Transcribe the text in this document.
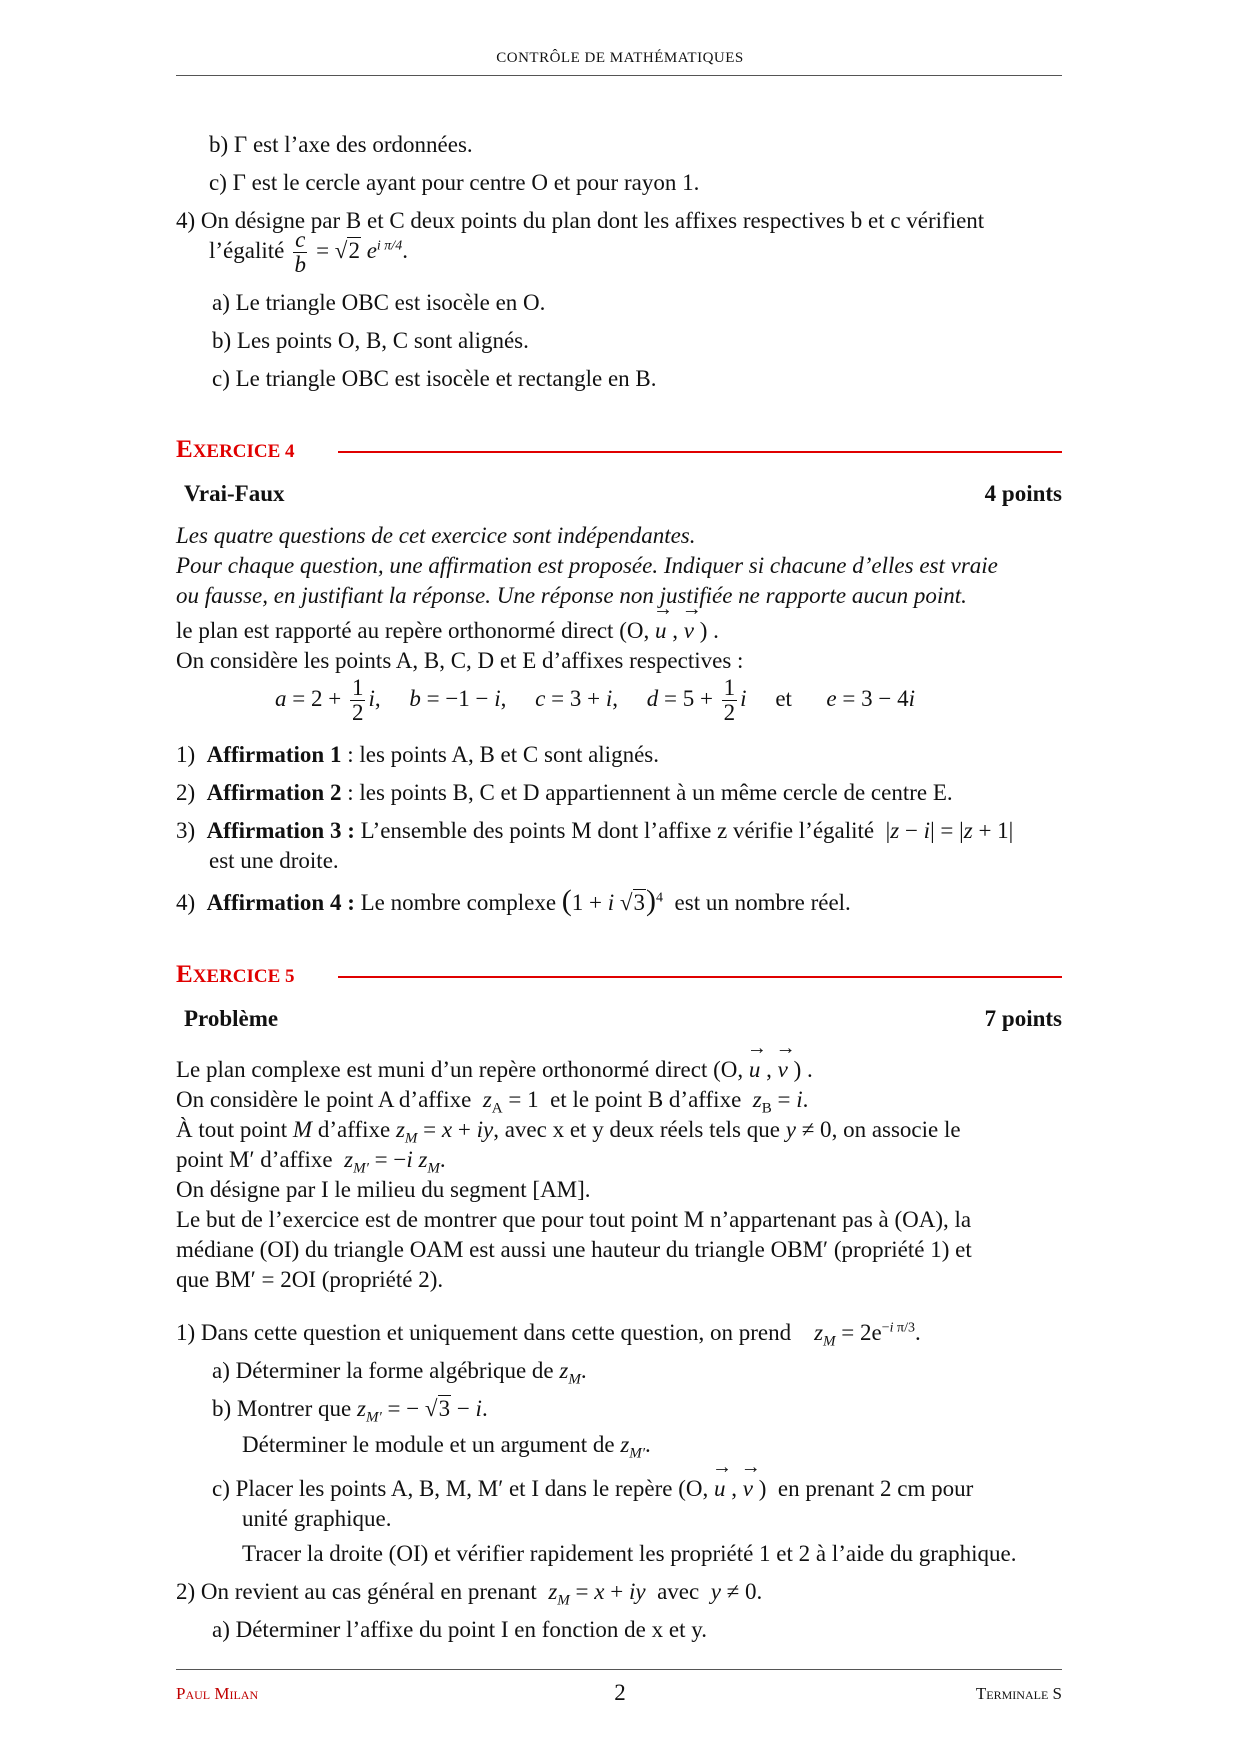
CONTRÔLE DE MATHÉMATIQUES
b) Γ est l’axe des ordonnées.
c) Γ est le cercle ayant pour centre O et pour rayon 1.
4) On désigne par B et C deux points du plan dont les affixes respectives b et c vérifient
l’égalité $\frac{c}{b} = √2$ $e^{i \pi/4}$.
a) Le triangle OBC est isocèle en O.
b) Les points O, B, C sont alignés.
c) Le triangle OBC est isocèle et rectangle en B.
EXERCICE 4
Vrai-Faux	4 points
Les quatre questions de cet exercice sont indépendantes.
Pour chaque question, une affirmation est proposée. Indiquer si chacune d’elles est vraie
ou fausse, en justifiant la réponse. Une réponse non justifiée ne rapporte aucun point.
le plan est rapporté au repère orthonormé direct (O, → u , → v ) .
On considère les points A, B, C, D et E d’affixes respectives :
$a = 2 + \frac{1}{2} i$,     b = −1 − i,     c = 3 + i,     $d = 5 + \frac{1}{2}$ i     et      e = 3 − 4i
1)  Affirmation 1 : les points A, B et C sont alignés.
2)  Affirmation 2 : les points B, C et D appartiennent à un même cercle de centre E.
3)  Affirmation 3 : L’ensemble des points M dont l’affixe z vérifie l’égalité  |z − i| = |z + 1|
est une droite.
4)  Affirmation 4 : Le nombre complexe (1 + i √3)$^4$ est un nombre réel.
EXERCICE 5
Problème	7 points
Le plan complexe est muni d’un repère orthonormé direct (O, → u , → v ) .
On considère le point A d’affixe $z_A = 1$  et le point B d’affixe $z_B = i$.
À tout point M d’affixe $z_M = x$ + iy, avec x et y deux réels tels que y ≠ 0, on associe le
point M′ d’affixe $z_{M'} = -i$ $z_M$.
On désigne par I le milieu du segment [AM].
Le but de l’exercice est de montrer que pour tout point M n’appartenant pas à (OA), la
médiane (OI) du triangle OAM est aussi une hauteur du triangle OBM′ (propriété 1) et
que BM′ = 2OI (propriété 2).
1) Dans cette question et uniquement dans cette question, on prend $z_M = 2e^{-i \pi/3}$.
a) Déterminer la forme algébrique de $z_M$.
b) Montrer que $z_{M'}$ = − √3 − i.
Déterminer le module et un argument de $z_{M'}$.
c) Placer les points A, B, M, M′ et I dans le repère (O, → u , → v )  en prenant 2 cm pour
unité graphique.
Tracer la droite (OI) et vérifier rapidement les propriété 1 et 2 à l’aide du graphique.
2) On revient au cas général en prenant $z_M = x$ + iy  avec  y ≠ 0.
a) Déterminer l’affixe du point I en fonction de x et y.
Paul Milan	2	Terminale S
